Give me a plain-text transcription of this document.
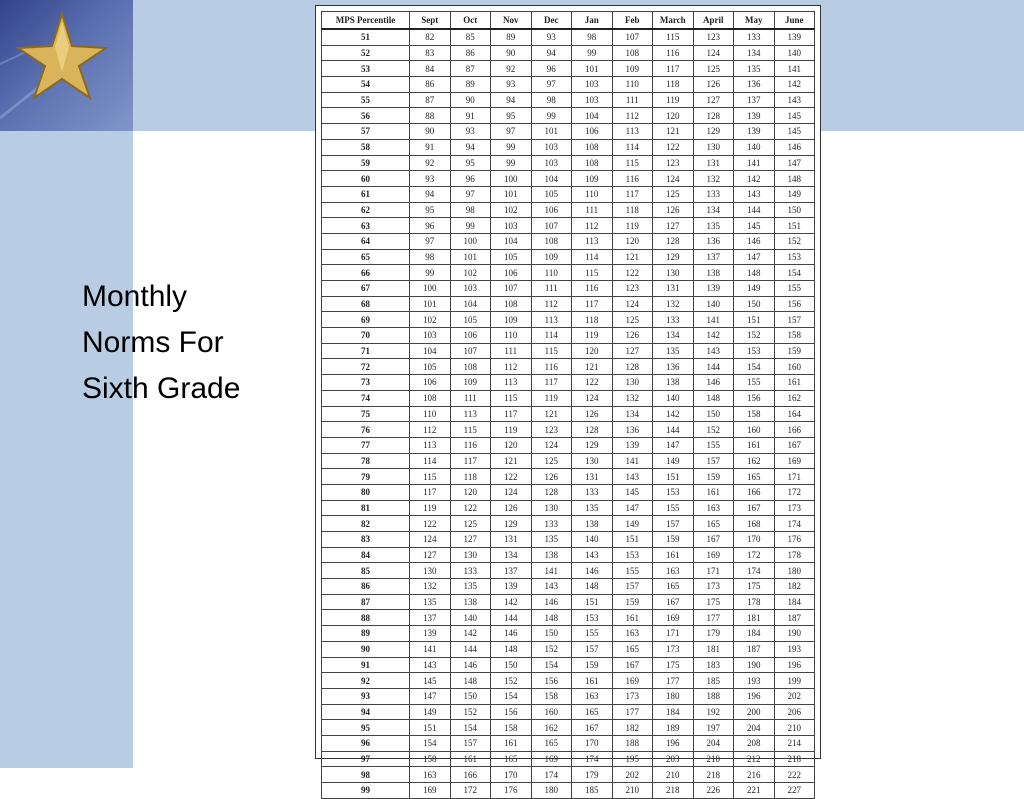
Monthly
Norms For
Sixth Grade
MPS Percentile	Sept	Oct	Nov	Dec	Jan	Feb	March	April	May	June
51	82	85	89	93	98	107	115	123	133	139
52	83	86	90	94	99	108	116	124	134	140
53	84	87	92	96	101	109	117	125	135	141
54	86	89	93	97	103	110	118	126	136	142
55	87	90	94	98	103	111	119	127	137	143
56	88	91	95	99	104	112	120	128	139	145
57	90	93	97	101	106	113	121	129	139	145
58	91	94	99	103	108	114	122	130	140	146
59	92	95	99	103	108	115	123	131	141	147
60	93	96	100	104	109	116	124	132	142	148
61	94	97	101	105	110	117	125	133	143	149
62	95	98	102	106	111	118	126	134	144	150
63	96	99	103	107	112	119	127	135	145	151
64	97	100	104	108	113	120	128	136	146	152
65	98	101	105	109	114	121	129	137	147	153
66	99	102	106	110	115	122	130	138	148	154
67	100	103	107	111	116	123	131	139	149	155
68	101	104	108	112	117	124	132	140	150	156
69	102	105	109	113	118	125	133	141	151	157
70	103	106	110	114	119	126	134	142	152	158
71	104	107	111	115	120	127	135	143	153	159
72	105	108	112	116	121	128	136	144	154	160
73	106	109	113	117	122	130	138	146	155	161
74	108	111	115	119	124	132	140	148	156	162
75	110	113	117	121	126	134	142	150	158	164
76	112	115	119	123	128	136	144	152	160	166
77	113	116	120	124	129	139	147	155	161	167
78	114	117	121	125	130	141	149	157	162	169
79	115	118	122	126	131	143	151	159	165	171
80	117	120	124	128	133	145	153	161	166	172
81	119	122	126	130	135	147	155	163	167	173
82	122	125	129	133	138	149	157	165	168	174
83	124	127	131	135	140	151	159	167	170	176
84	127	130	134	138	143	153	161	169	172	178
85	130	133	137	141	146	155	163	171	174	180
86	132	135	139	143	148	157	165	173	175	182
87	135	138	142	146	151	159	167	175	178	184
88	137	140	144	148	153	161	169	177	181	187
89	139	142	146	150	155	163	171	179	184	190
90	141	144	148	152	157	165	173	181	187	193
91	143	146	150	154	159	167	175	183	190	196
92	145	148	152	156	161	169	177	185	193	199
93	147	150	154	158	163	173	180	188	196	202
94	149	152	156	160	165	177	184	192	200	206
95	151	154	158	162	167	182	189	197	204	210
96	154	157	161	165	170	188	196	204	208	214
97	158	161	165	169	174	195	203	210	212	218
98	163	166	170	174	179	202	210	218	216	222
99	169	172	176	180	185	210	218	226	221	227
